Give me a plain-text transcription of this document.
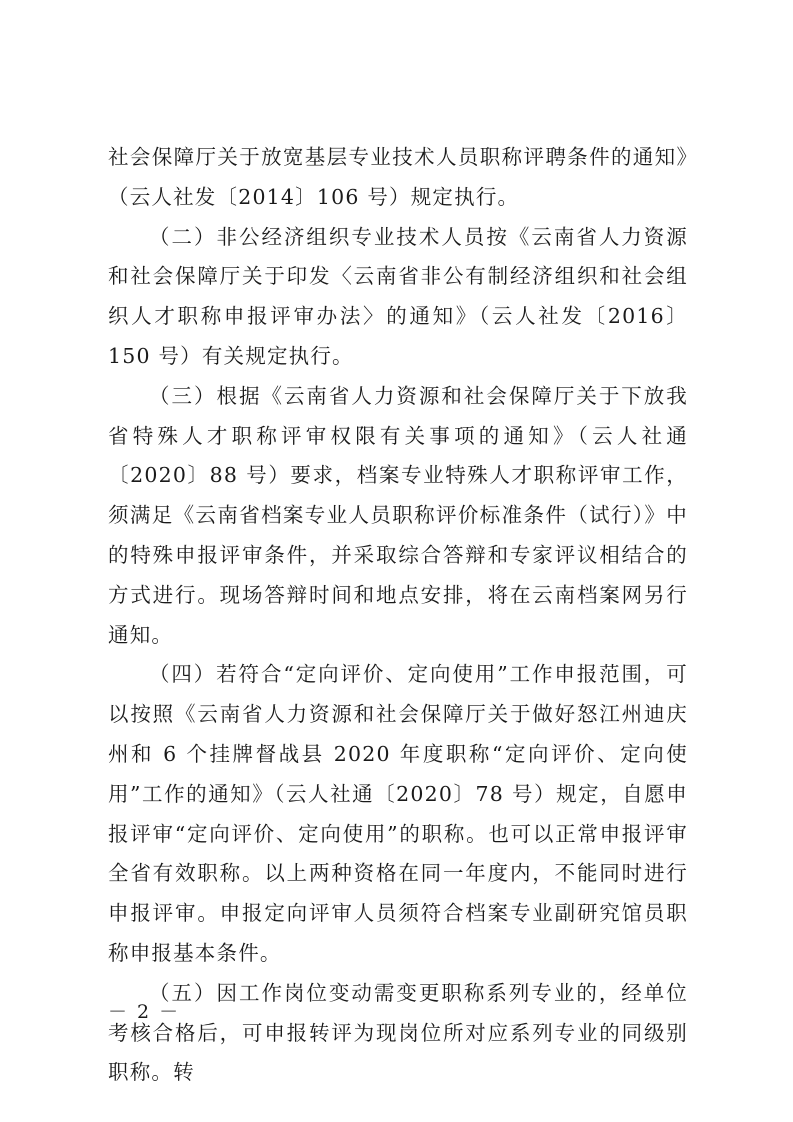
社会保障厅关于放宽基层专业技术人员职称评聘条件的通知》（云人社发〔2014〕106 号）规定执行。

（二）非公经济组织专业技术人员按《云南省人力资源和社会保障厅关于印发〈云南省非公有制经济组织和社会组织人才职称申报评审办法〉的通知》（云人社发〔2016〕150 号）有关规定执行。

（三）根据《云南省人力资源和社会保障厅关于下放我省特殊人才职称评审权限有关事项的通知》（云人社通〔2020〕88 号）要求，档案专业特殊人才职称评审工作，须满足《云南省档案专业人员职称评价标准条件（试行）》中的特殊申报评审条件，并采取综合答辩和专家评议相结合的方式进行。现场答辩时间和地点安排，将在云南档案网另行通知。

（四）若符合“定向评价、定向使用”工作申报范围，可以按照《云南省人力资源和社会保障厅关于做好怒江州迪庆州和 6 个挂牌督战县 2020 年度职称“定向评价、定向使用”工作的通知》（云人社通〔2020〕78 号）规定，自愿申报评审“定向评价、定向使用”的职称。也可以正常申报评审全省有效职称。以上两种资格在同一年度内，不能同时进行申报评审。申报定向评审人员须符合档案专业副研究馆员职称申报基本条件。

（五）因工作岗位变动需变更职称系列专业的，经单位考核合格后，可申报转评为现岗位所对应系列专业的同级别职称。转

－ 2 －
